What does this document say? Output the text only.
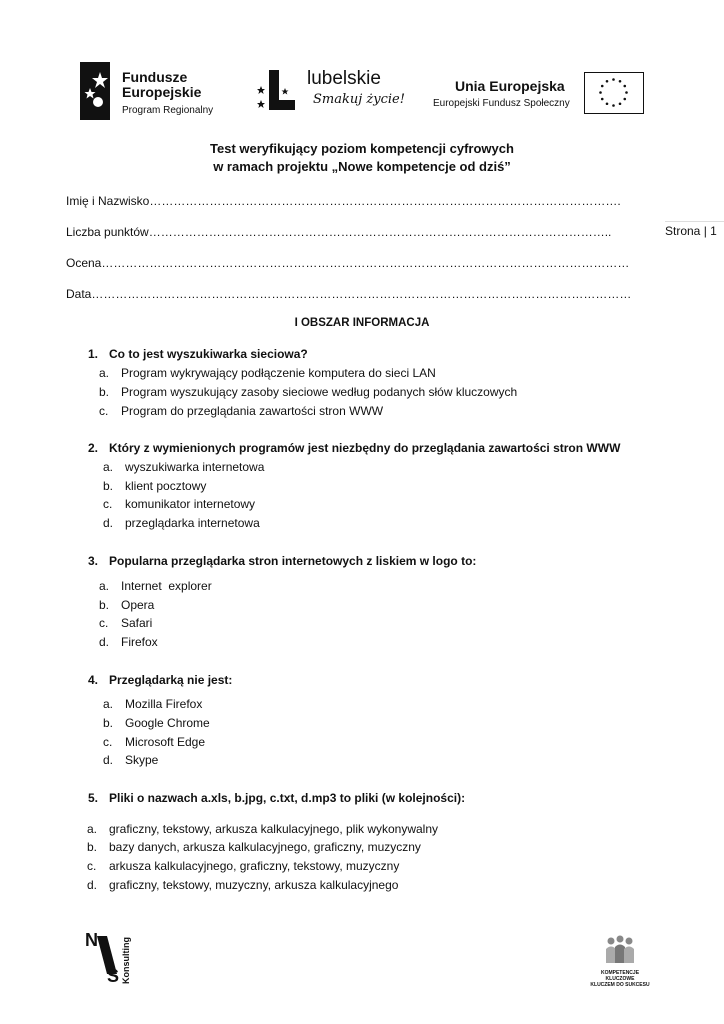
Fundusze
Europejskie
Program Regionalny
lubelskie
Smakuj życie!
Unia Europejska
Europejski Fundusz Społeczny
Test weryfikujący poziom kompetencji cyfrowych
w ramach projektu „Nowe kompetencje od dziś”
Imię i Nazwisko……………………………………………………………………………………………………….
Liczba punktów……………………………………………………………………………………………………..
Ocena……………………………………………………………………………………………………………………
Data………………………………………………………………………………………………………………………
Strona | 1
I OBSZAR INFORMACJA
1. Co to jest wyszukiwarka sieciowa?
a. Program wykrywający podłączenie komputera do sieci LAN
b. Program wyszukujący zasoby sieciowe według podanych słów kluczowych
c. Program do przeglądania zawartości stron WWW
2. Który z wymienionych programów jest niezbędny do przeglądania zawartości stron WWW
a. wyszukiwarka internetowa
b. klient pocztowy
c. komunikator internetowy
d. przeglądarka internetowa
3. Popularna przeglądarka stron internetowych z liskiem w logo to:
a. Internet  explorer
b. Opera
c. Safari
d. Firefox
4. Przeglądarką nie jest:
a. Mozilla Firefox
b. Google Chrome
c. Microsoft Edge
d. Skype
5. Pliki o nazwach a.xls, b.jpg, c.txt, d.mp3 to pliki (w kolejności):
a. graficzny, tekstowy, arkusza kalkulacyjnego, plik wykonywalny
b. bazy danych, arkusza kalkulacyjnego, graficzny, muzyczny
c. arkusza kalkulacyjnego, graficzny, tekstowy, muzyczny
d. graficzny, tekstowy, muzyczny, arkusza kalkulacyjnego
N
S Konsulting	KOMPETENCJE KLUCZOWE
KLUCZEM DO SUKCESU
